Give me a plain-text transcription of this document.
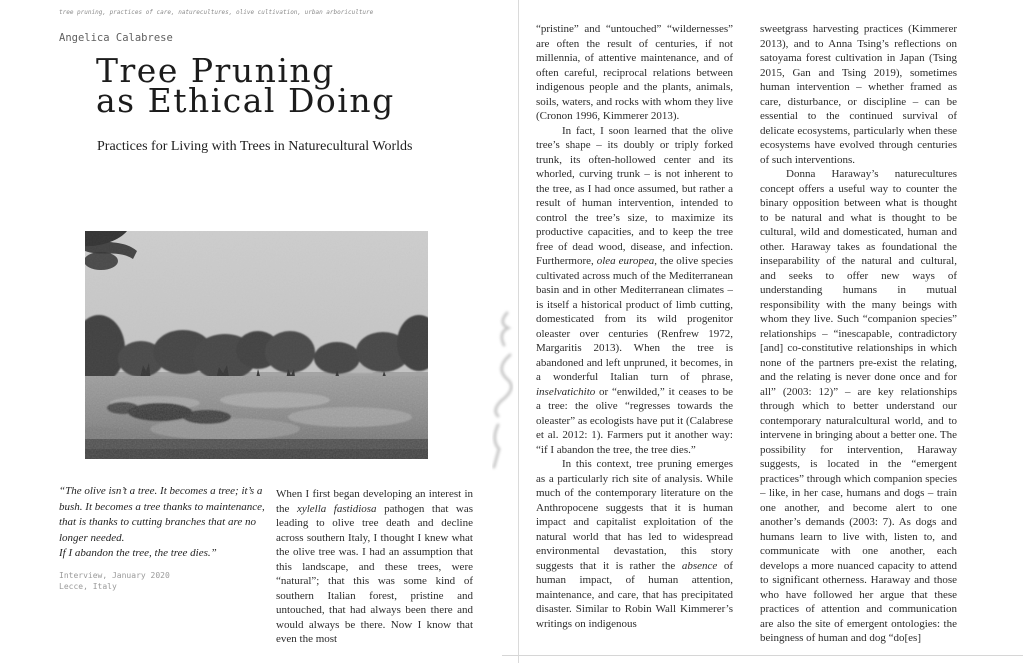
tree pruning, practices of care, naturecultures, olive cultivation, urban arboriculture
Angelica Calabrese
Tree Pruning
as Ethical Doing
Practices for Living with Trees in Naturecultural Worlds

“The olive isn’t a tree. It becomes a tree; it’s a bush. It becomes a tree thanks to maintenance, that is thanks to cutting branches that are no longer needed.

If I abandon the tree, the tree dies.”

Interview, January 2020
Lecce, Italy

When I first began developing an interest in the xylella fastidiosa pathogen that was leading to olive tree death and decline across southern Italy, I thought I knew what the olive tree was. I had an assumption that this landscape, and these trees, were “natural”; that this was some kind of southern Italian forest, pristine and untouched, that had always been there and would always be there. Now I know that even the most

“pristine” and “untouched” “wildernesses” are often the result of centuries, if not millennia, of attentive maintenance, and of often careful, reciprocal relations between indigenous people and the plants, animals, soils, waters, and rocks with whom they live (Cronon 1996, Kimmerer 2013).

In fact, I soon learned that the olive tree’s shape – its doubly or triply forked trunk, its often-hollowed center and its whorled, curving trunk – is not inherent to the tree, as I had once assumed, but rather a result of human intervention, intended to control the tree’s size, to maximize its productive capacities, and to keep the tree free of dead wood, disease, and infection. Furthermore, olea europea, the olive species cultivated across much of the Mediterranean basin and in other Mediterranean climates – is itself a historical product of limb cutting, domesticated from its wild progenitor oleaster over centuries (Renfrew 1972, Margaritis 2013). When the tree is abandoned and left unpruned, it becomes, in a wonderful Italian turn of phrase, inselvatichito or “enwilded,” it ceases to be a tree: the olive “regresses towards the oleaster” as ecologists have put it (Calabrese et al. 2012: 1). Farmers put it another way: “if I abandon the tree, the tree dies.”

In this context, tree pruning emerges as a particularly rich site of analysis. While much of the contemporary literature on the Anthropocene suggests that it is human impact and capitalist exploitation of the natural world that has led to widespread environmental devastation, this story suggests that it is rather the absence of human impact, of human attention, maintenance, and care, that has precipitated disaster. Similar to Robin Wall Kimmerer’s writings on indigenous

sweetgrass harvesting practices (Kimmerer 2013), and to Anna Tsing’s reflections on satoyama forest cultivation in Japan (Tsing 2015, Gan and Tsing 2019), sometimes human intervention – whether framed as care, disturbance, or discipline – can be essential to the continued survival of delicate ecosystems, particularly when these ecosystems have evolved through centuries of such interventions.

Donna Haraway’s naturecultures concept offers a useful way to counter the binary opposition between what is thought to be natural and what is thought to be cultural, wild and domesticated, human and other. Haraway takes as foundational the inseparability of the natural and cultural, and seeks to offer new ways of understanding humans in mutual responsibility with the many beings with whom they live. Such “companion species” relationships – “inescapable, contradictory [and] co-constitutive relationships in which none of the partners pre-exist the relating, and the relating is never done once and for all” (2003: 12)” – are key relationships through which to better understand our contemporary naturalcultural world, and to intervene in bringing about a better one. The possibility for intervention, Haraway suggests, is located in the “emergent practices” through which companion species – like, in her case, humans and dogs – train one another, and become alert to one another’s demands (2003: 7). As dogs and humans learn to live with, listen to, and communicate with one another, each develops a more nuanced capacity to attend to significant otherness. Haraway and those who have followed her argue that these practices of attention and communication are also the site of emergent ontologies: the beingness of human and dog “do[es]
